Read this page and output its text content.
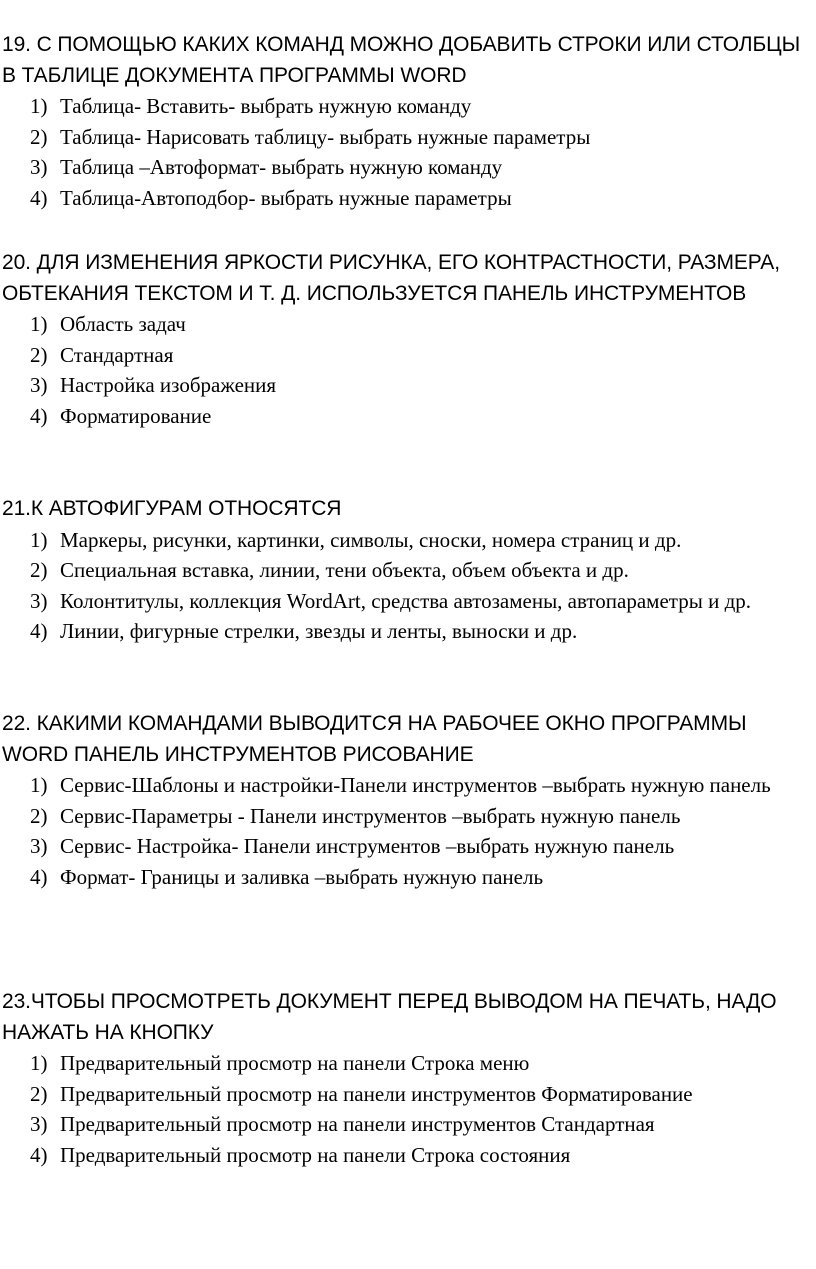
19. С ПОМОЩЬЮ КАКИХ КОМАНД МОЖНО ДОБАВИТЬ СТРОКИ ИЛИ СТОЛБЦЫ В ТАБЛИЦЕ ДОКУМЕНТА ПРОГРАММЫ WORD

1) Таблица- Вставить- выбрать нужную команду
2) Таблица- Нарисовать таблицу- выбрать нужные параметры
3) Таблица –Автоформат- выбрать нужную команду
4) Таблица-Автоподбор- выбрать нужные параметры

20. ДЛЯ ИЗМЕНЕНИЯ ЯРКОСТИ РИСУНКА, ЕГО КОНТРАСТНОСТИ, РАЗМЕРА, ОБТЕКАНИЯ ТЕКСТОМ И Т. Д. ИСПОЛЬЗУЕТСЯ ПАНЕЛЬ ИНСТРУМЕНТОВ

1) Область задач
2) Стандартная
3) Настройка изображения
4) Форматирование

21.К АВТОФИГУРАМ ОТНОСЯТСЯ

1) Маркеры, рисунки, картинки, символы, сноски, номера страниц и др.
2) Специальная вставка, линии, тени объекта, объем объекта и др.
3) Колонтитулы, коллекция WordArt, средства автозамены, автопараметры и др.
4) Линии, фигурные стрелки, звезды и ленты, выноски и др.

22. КАКИМИ КОМАНДАМИ ВЫВОДИТСЯ НА РАБОЧЕЕ ОКНО ПРОГРАММЫ WORD ПАНЕЛЬ ИНСТРУМЕНТОВ РИСОВАНИЕ

1) Сервис-Шаблоны и настройки-Панели инструментов –выбрать нужную панель
2) Сервис-Параметры - Панели инструментов –выбрать нужную панель
3) Сервис- Настройка- Панели инструментов –выбрать нужную панель
4) Формат- Границы и заливка –выбрать нужную панель

23.ЧТОБЫ ПРОСМОТРЕТЬ ДОКУМЕНТ ПЕРЕД ВЫВОДОМ НА ПЕЧАТЬ, НАДО НАЖАТЬ НА КНОПКУ

1) Предварительный просмотр на панели Строка меню
2) Предварительный просмотр на панели инструментов Форматирование
3) Предварительный просмотр на панели инструментов Стандартная
4) Предварительный просмотр на панели Строка состояния
